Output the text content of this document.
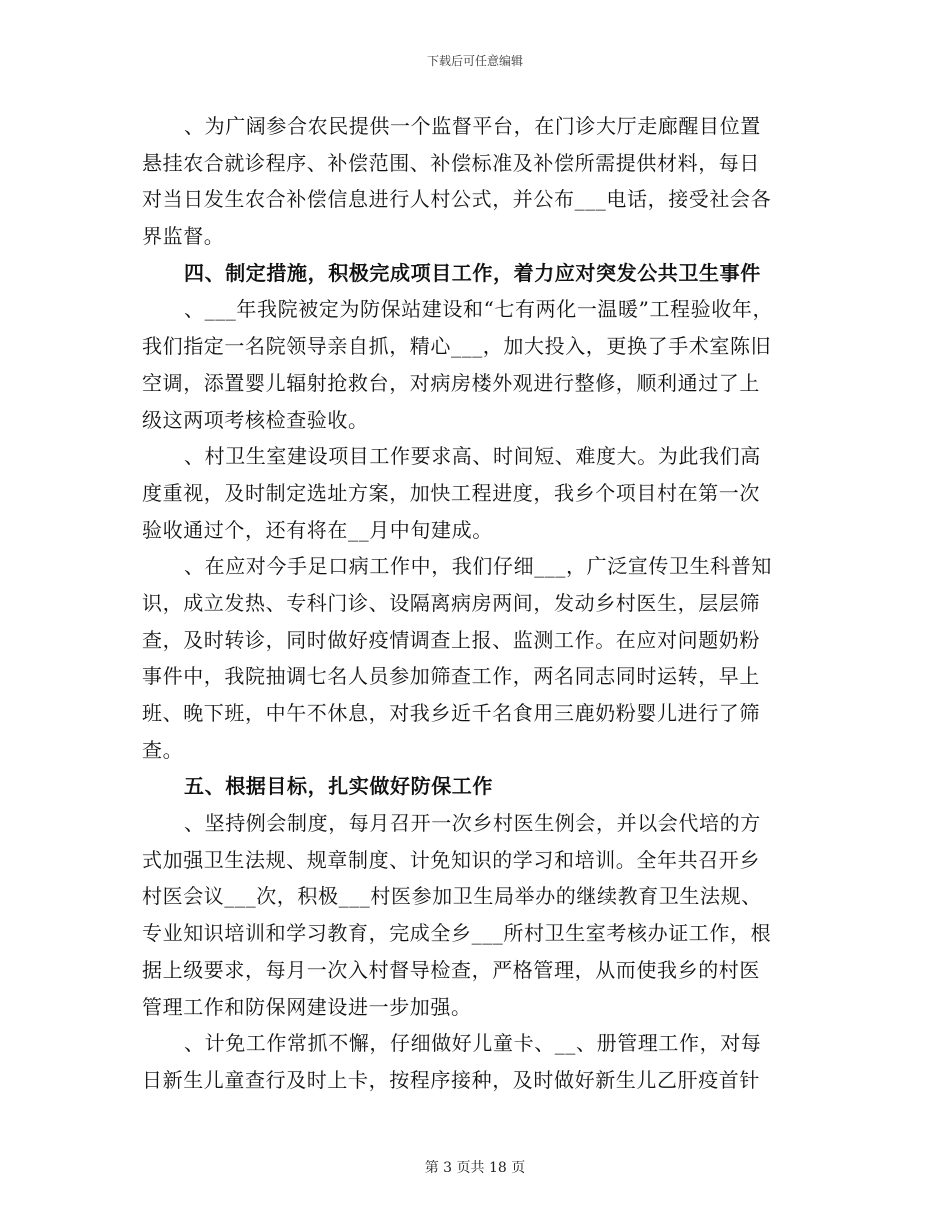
下载后可任意编辑
、为广阔参合农民提供一个监督平台，在门诊大厅走廊醒目位置
悬挂农合就诊程序、补偿范围、补偿标准及补偿所需提供材料，每日
对当日发生农合补偿信息进行人村公式，并公布___电话，接受社会各
界监督。
四、制定措施，积极完成项目工作，着力应对突发公共卫生事件
、___年我院被定为防保站建设和“七有两化一温暖”工程验收年，
我们指定一名院领导亲自抓，精心___，加大投入，更换了手术室陈旧
空调，添置婴儿辐射抢救台，对病房楼外观进行整修，顺利通过了上
级这两项考核检查验收。
、村卫生室建设项目工作要求高、时间短、难度大。为此我们高
度重视，及时制定选址方案，加快工程进度，我乡个项目村在第一次
验收通过个，还有将在__月中旬建成。
、在应对今手足口病工作中，我们仔细___，广泛宣传卫生科普知
识，成立发热、专科门诊、设隔离病房两间，发动乡村医生，层层筛
查，及时转诊，同时做好疫情调查上报、监测工作。在应对问题奶粉
事件中，我院抽调七名人员参加筛查工作，两名同志同时运转，早上
班、晚下班，中午不休息，对我乡近千名食用三鹿奶粉婴儿进行了筛
查。
五、根据目标，扎实做好防保工作
、坚持例会制度，每月召开一次乡村医生例会，并以会代培的方
式加强卫生法规、规章制度、计免知识的学习和培训。全年共召开乡
村医会议___次，积极___村医参加卫生局举办的继续教育卫生法规、
专业知识培训和学习教育，完成全乡___所村卫生室考核办证工作，根
据上级要求，每月一次入村督导检查，严格管理，从而使我乡的村医
管理工作和防保网建设进一步加强。
、计免工作常抓不懈，仔细做好儿童卡、__、册管理工作，对每
日新生儿童查行及时上卡，按程序接种，及时做好新生儿乙肝疫首针
第 3 页共 18 页
